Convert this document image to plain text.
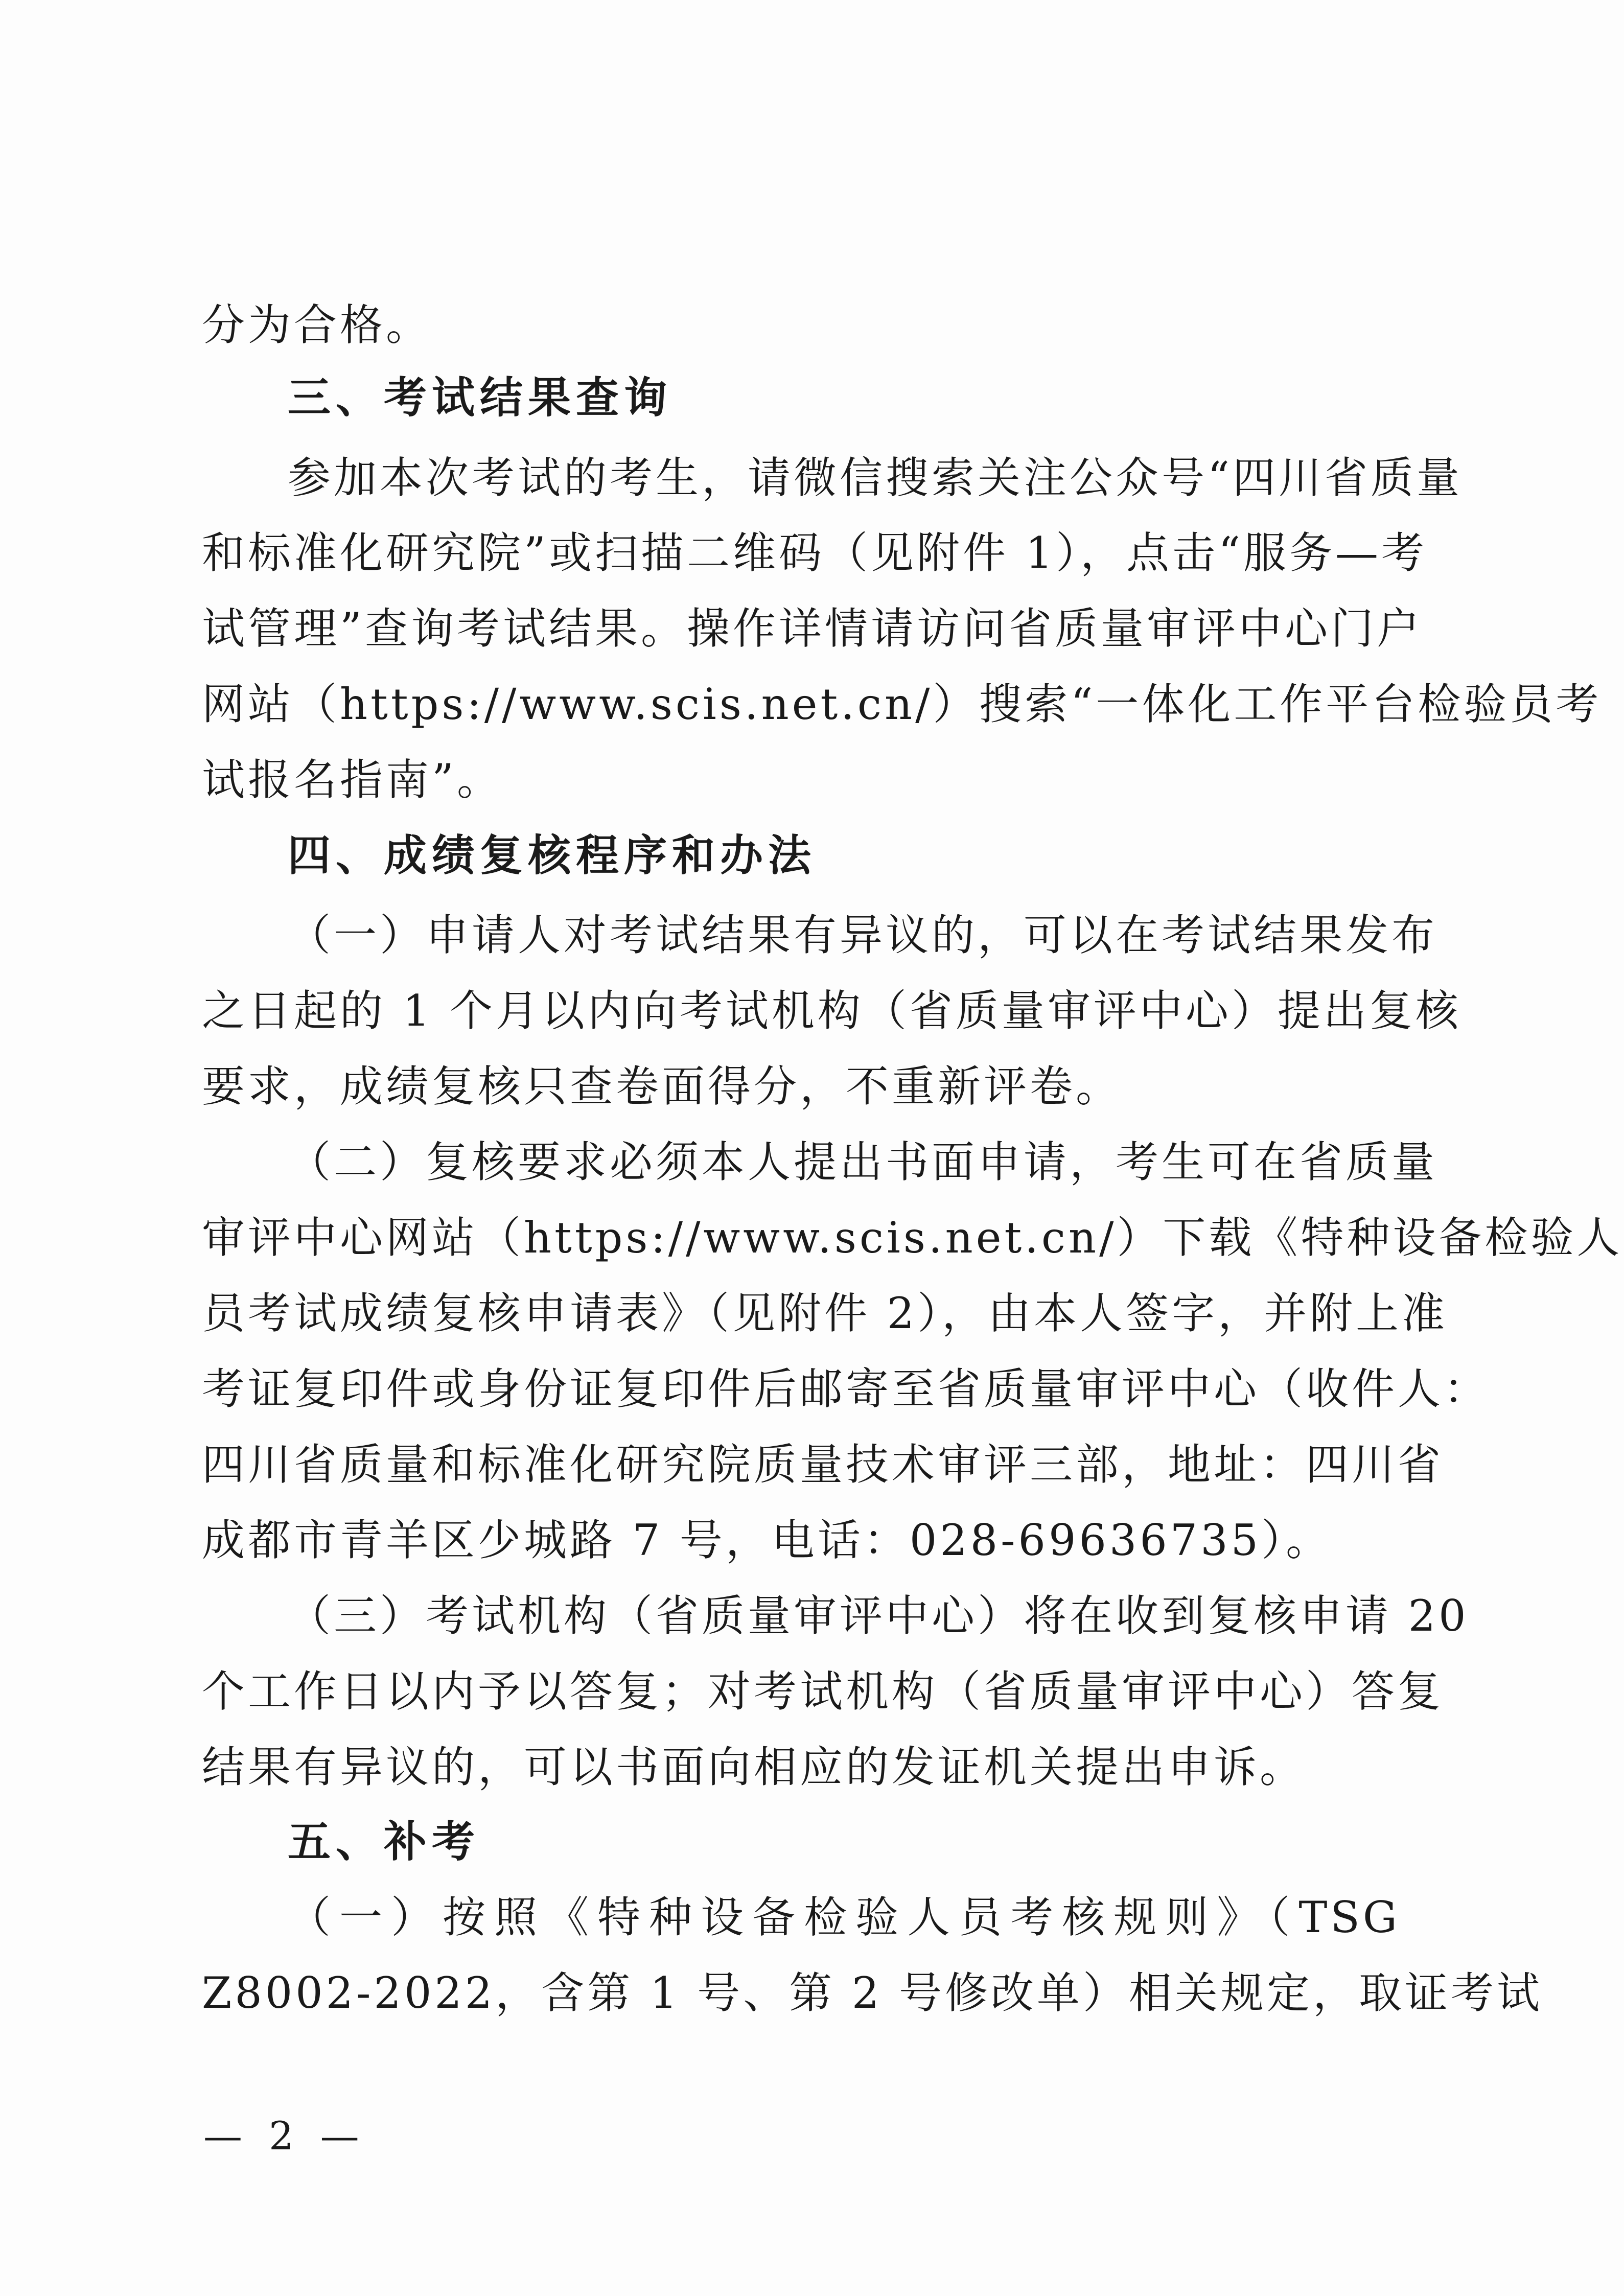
分为合格。
三、考试结果查询
参加本次考试的考生，请微信搜索关注公众号“四川省质量
和标准化研究院”或扫描二维码（见附件 1），点击“服务—考
试管理”查询考试结果。操作详情请访问省质量审评中心门户
网站（https://www.scis.net.cn/）搜索“一体化工作平台检验员考
试报名指南”。
四、成绩复核程序和办法
（一）申请人对考试结果有异议的，可以在考试结果发布
之日起的 1 个月以内向考试机构（省质量审评中心）提出复核
要求，成绩复核只查卷面得分，不重新评卷。
（二）复核要求必须本人提出书面申请，考生可在省质量
审评中心网站（https://www.scis.net.cn/）下载《特种设备检验人
员考试成绩复核申请表》（见附件 2），由本人签字，并附上准
考证复印件或身份证复印件后邮寄至省质量审评中心（收件人：
四川省质量和标准化研究院质量技术审评三部，地址：四川省
成都市青羊区少城路 7 号，电话：028-69636735）。
（三）考试机构（省质量审评中心）将在收到复核申请 20
个工作日以内予以答复；对考试机构（省质量审评中心）答复
结果有异议的，可以书面向相应的发证机关提出申诉。
五、补考
（一）按照《特种设备检验人员考核规则》（TSG
Z8002-2022，含第 1 号、第 2 号修改单）相关规定，取证考试
— 2 —
